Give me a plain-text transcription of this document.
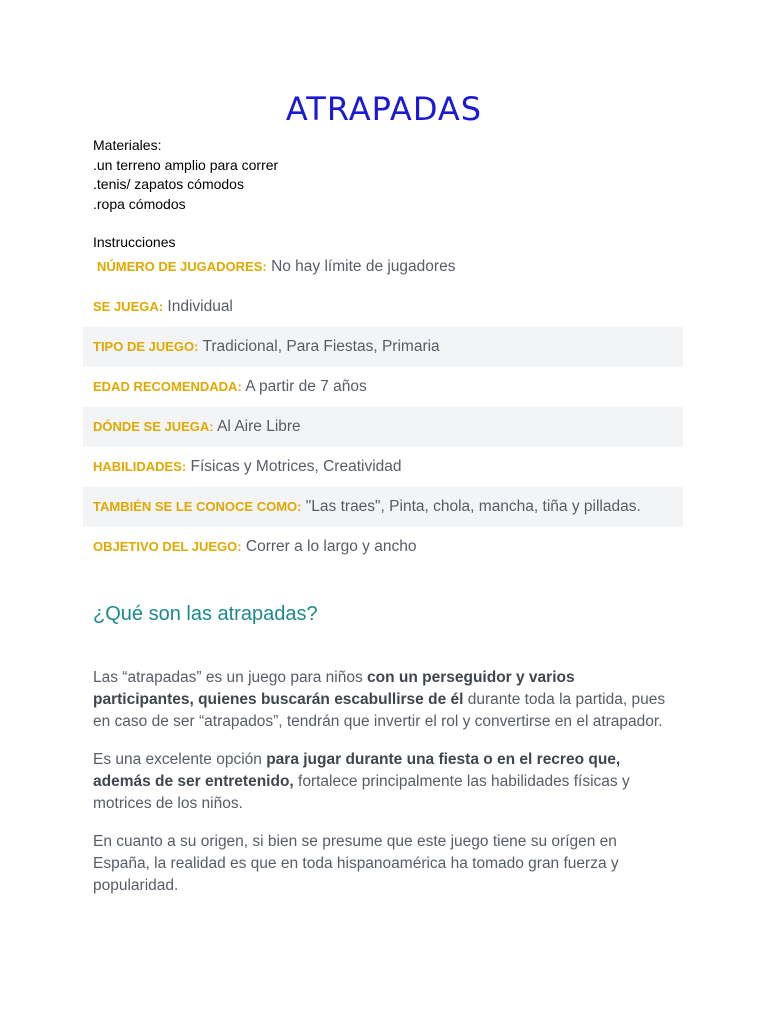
ATRAPADAS
Materiales:
.un terreno amplio para correr
.tenis/ zapatos cómodos
.ropa cómodos
Instrucciones
NÚMERO DE JUGADORES: No hay límite de jugadores
SE JUEGA: Individual
TIPO DE JUEGO: Tradicional, Para Fiestas, Primaria
EDAD RECOMENDADA: A partir de 7 años
DÓNDE SE JUEGA: Al Aire Libre
HABILIDADES: Físicas y Motrices, Creatividad
TAMBIÉN SE LE CONOCE COMO: "Las traes", Pinta, chola, mancha, tiña y pilladas.
OBJETIVO DEL JUEGO: Correr a lo largo y ancho
¿Qué son las atrapadas?

Las “atrapadas” es un juego para niños con un perseguidor y varios participantes, quienes buscarán escabullirse de él durante toda la partida, pues en caso de ser “atrapados”, tendrán que invertir el rol y convertirse en el atrapador.

Es una excelente opción para jugar durante una fiesta o en el recreo que, además de ser entretenido, fortalece principalmente las habilidades físicas y motrices de los niños.

En cuanto a su origen, si bien se presume que este juego tiene su orígen en España, la realidad es que en toda hispanoamérica ha tomado gran fuerza y popularidad.
